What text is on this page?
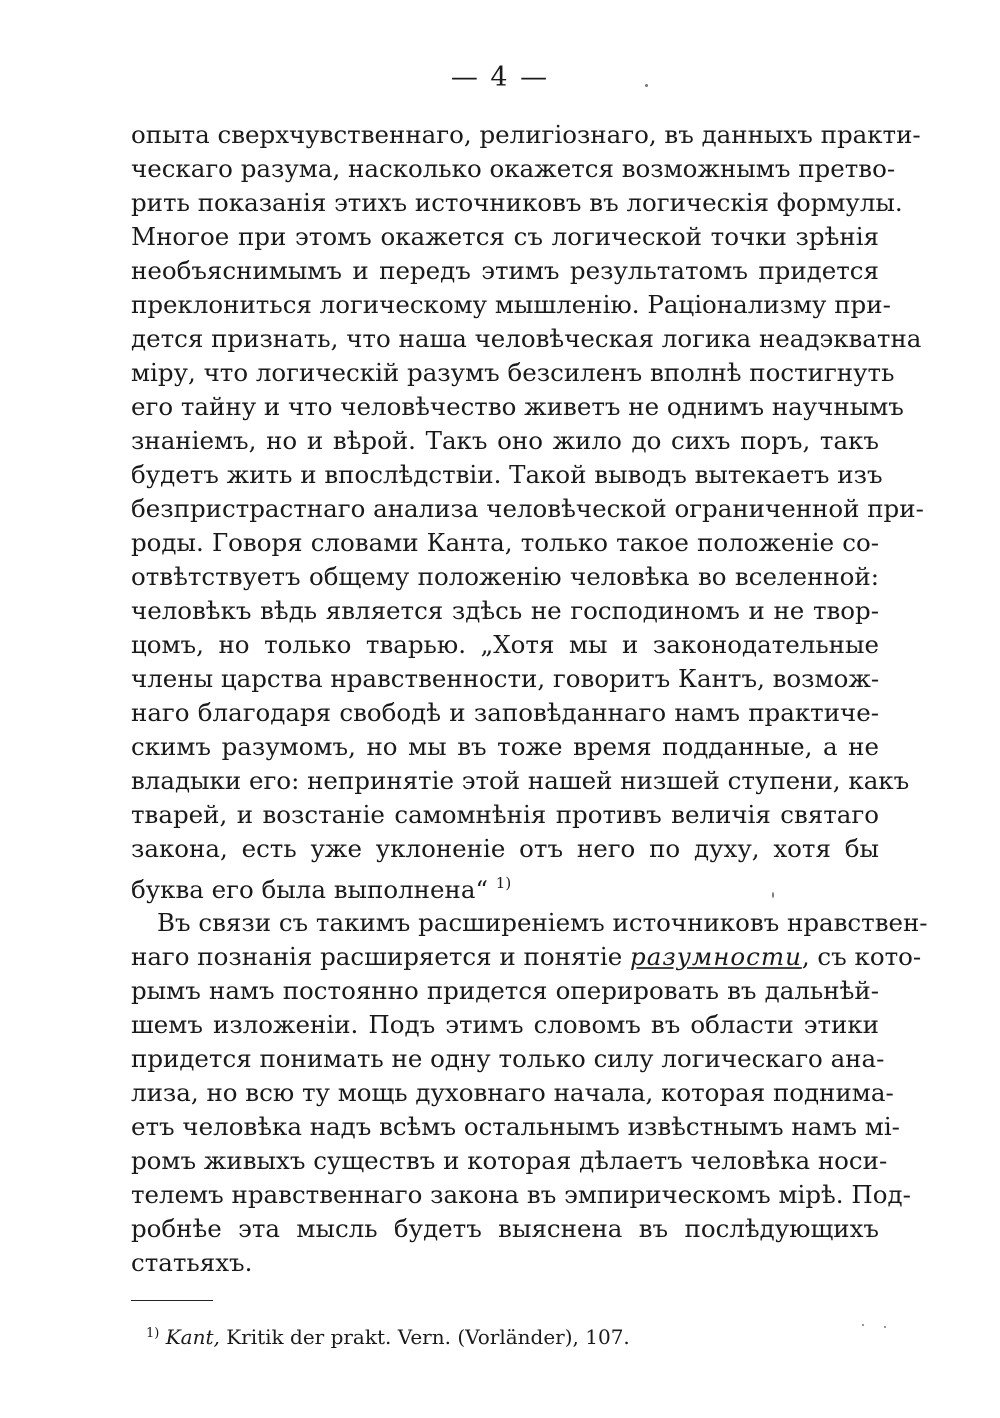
— 4 —
опыта сверхчувственнаго, религiознаго, въ данныхъ практи-
ческаго разума, насколько окажется возможнымъ претво-
рить показанiя этихъ источниковъ въ логическiя формулы.
Многое при этомъ окажется съ логической точки зрѣнiя
необъяснимымъ и передъ этимъ результатомъ придется
преклониться логическому мышленiю. Рацiонализму при-
дется признать, что наша человѣческая логика неадэкватна
мiру, что логическiй разумъ безсиленъ вполнѣ постигнуть
его тайну и что человѣчество живетъ не однимъ научнымъ
знанiемъ, но и вѣрой. Такъ оно жило до сихъ поръ, такъ
будетъ жить и впослѣдствiи. Такой выводъ вытекаетъ изъ
безпристрастнаго анализа человѣческой ограниченной при-
роды. Говоря словами Канта, только такое положенiе со-
отвѣтствуетъ общему положенiю человѣка во вселенной:
человѣкъ вѣдь является здѣсь не господиномъ и не твор-
цомъ, но только тварью. „Хотя мы и законодательные
члены царства нравственности, говоритъ Кантъ, возмож-
наго благодаря свободѣ и заповѣданнаго намъ практиче-
скимъ разумомъ, но мы въ тоже время подданные, а не
владыки его: непринятiе этой нашей низшей ступени, какъ
тварей, и возстанiе самомнѣнiя противъ величiя святаго
закона, есть уже уклоненiе отъ него по духу, хотя бы
буква его была выполнена“ $^{1)}$
Въ связи съ такимъ расширенiемъ источниковъ нравствен-
наго познанiя расширяется и понятiе разумности, съ кото-
рымъ намъ постоянно придется оперировать въ дальнѣй-
шемъ изложенiи. Подъ этимъ словомъ въ области этики
придется понимать не одну только силу логическаго ана-
лиза, но всю ту мощь духовнаго начала, которая поднима-
етъ человѣка надъ всѣмъ остальнымъ извѣстнымъ намъ мi-
ромъ живыхъ существъ и которая дѣлаетъ человѣка носи-
телемъ нравственнаго закона въ эмпирическомъ мiрѣ. Под-
робнѣе эта мысль будетъ выяснена въ послѣдующихъ
статьяхъ.
$^{1)}$ Kant, Kritik der prakt. Vern. (Vorländer), 107.
